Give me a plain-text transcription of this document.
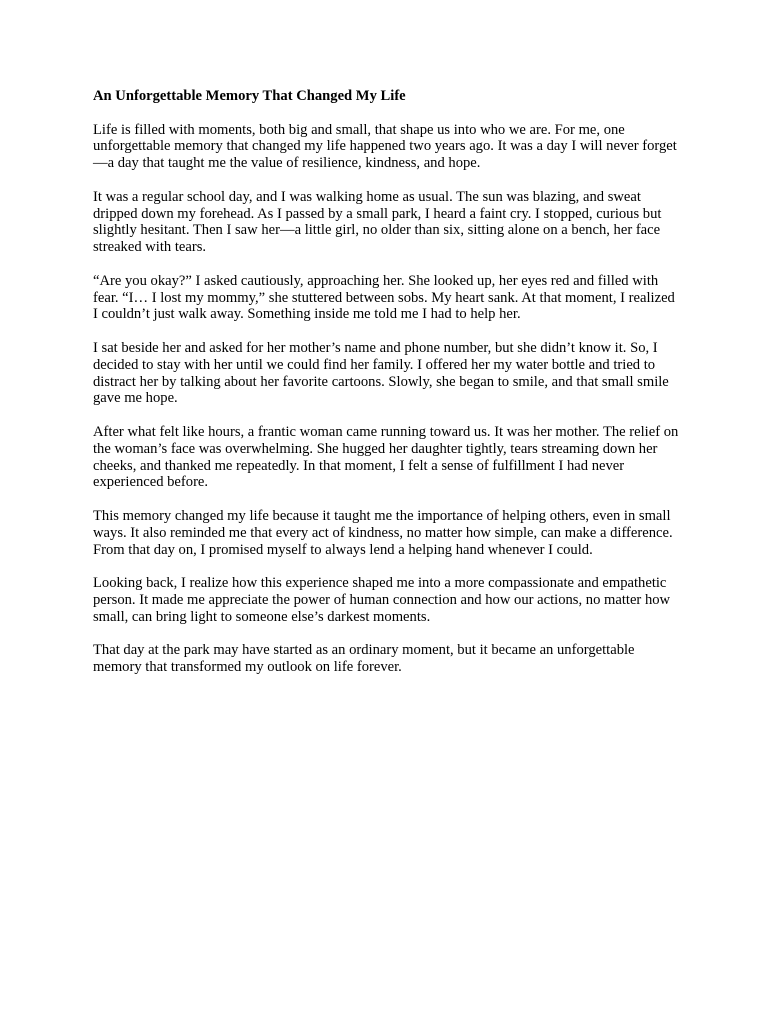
An Unforgettable Memory That Changed My Life

Life is filled with moments, both big and small, that shape us into who we are. For me, one unforgettable memory that changed my life happened two years ago. It was a day I will never forget—a day that taught me the value of resilience, kindness, and hope.

It was a regular school day, and I was walking home as usual. The sun was blazing, and sweat dripped down my forehead. As I passed by a small park, I heard a faint cry. I stopped, curious but slightly hesitant. Then I saw her—a little girl, no older than six, sitting alone on a bench, her face streaked with tears.

“Are you okay?” I asked cautiously, approaching her. She looked up, her eyes red and filled with fear. “I… I lost my mommy,” she stuttered between sobs. My heart sank. At that moment, I realized I couldn’t just walk away. Something inside me told me I had to help her.

I sat beside her and asked for her mother’s name and phone number, but she didn’t know it. So, I decided to stay with her until we could find her family. I offered her my water bottle and tried to distract her by talking about her favorite cartoons. Slowly, she began to smile, and that small smile gave me hope.

After what felt like hours, a frantic woman came running toward us. It was her mother. The relief on the woman’s face was overwhelming. She hugged her daughter tightly, tears streaming down her cheeks, and thanked me repeatedly. In that moment, I felt a sense of fulfillment I had never experienced before.

This memory changed my life because it taught me the importance of helping others, even in small ways. It also reminded me that every act of kindness, no matter how simple, can make a difference. From that day on, I promised myself to always lend a helping hand whenever I could.

Looking back, I realize how this experience shaped me into a more compassionate and empathetic person. It made me appreciate the power of human connection and how our actions, no matter how small, can bring light to someone else’s darkest moments.

That day at the park may have started as an ordinary moment, but it became an unforgettable memory that transformed my outlook on life forever.
